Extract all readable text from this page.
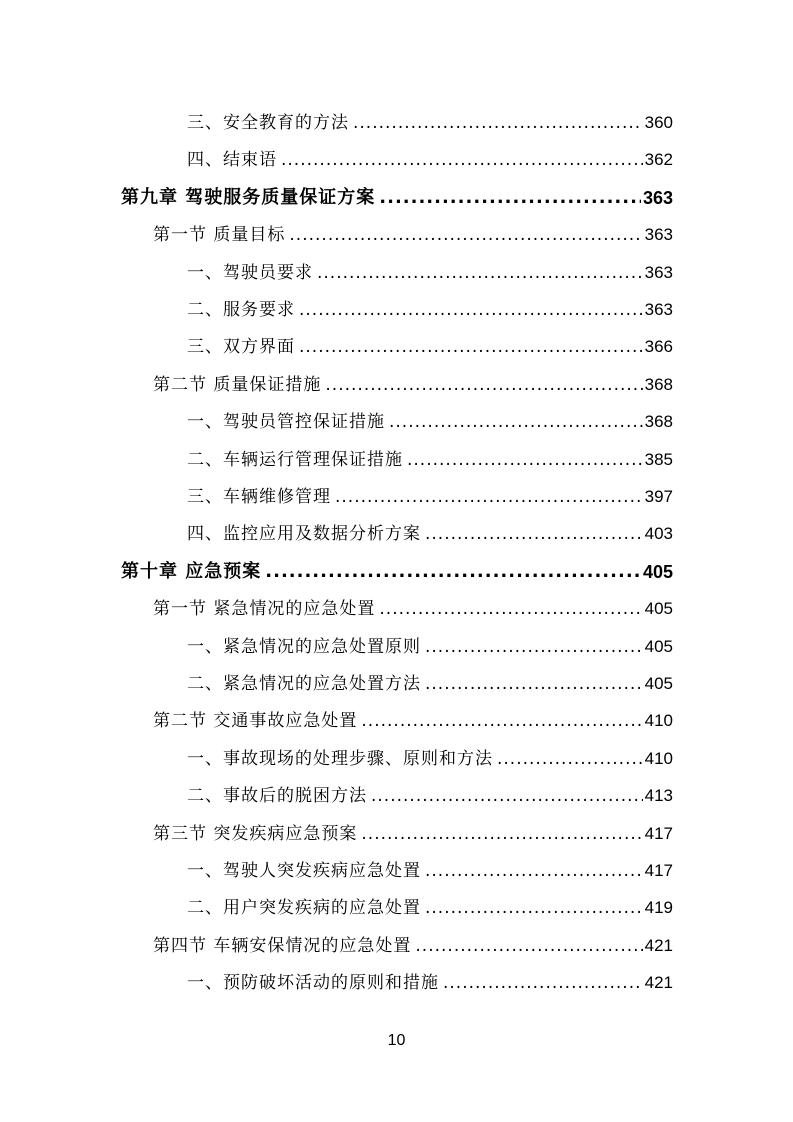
三、安全教育的方法 .....	360
四、结束语 .....	362
第九章 驾驶服务质量保证方案 .....	363
第一节 质量目标 .....	363
一、驾驶员要求 .....	363
二、服务要求 .....	363
三、双方界面 .....	366
第二节 质量保证措施 .....	368
一、驾驶员管控保证措施 .....	368
二、车辆运行管理保证措施 .....	385
三、车辆维修管理 .....	397
四、监控应用及数据分析方案 .....	403
第十章 应急预案 .....	405
第一节 紧急情况的应急处置 .....	405
一、紧急情况的应急处置原则 .....	405
二、紧急情况的应急处置方法 .....	405
第二节 交通事故应急处置 .....	410
一、事故现场的处理步骤、原则和方法 .....	410
二、事故后的脱困方法 .....	413
第三节 突发疾病应急预案 .....	417
一、驾驶人突发疾病应急处置 .....	417
二、用户突发疾病的应急处置 .....	419
第四节 车辆安保情况的应急处置 .....	421
一、预防破坏活动的原则和措施 .....	421
10
